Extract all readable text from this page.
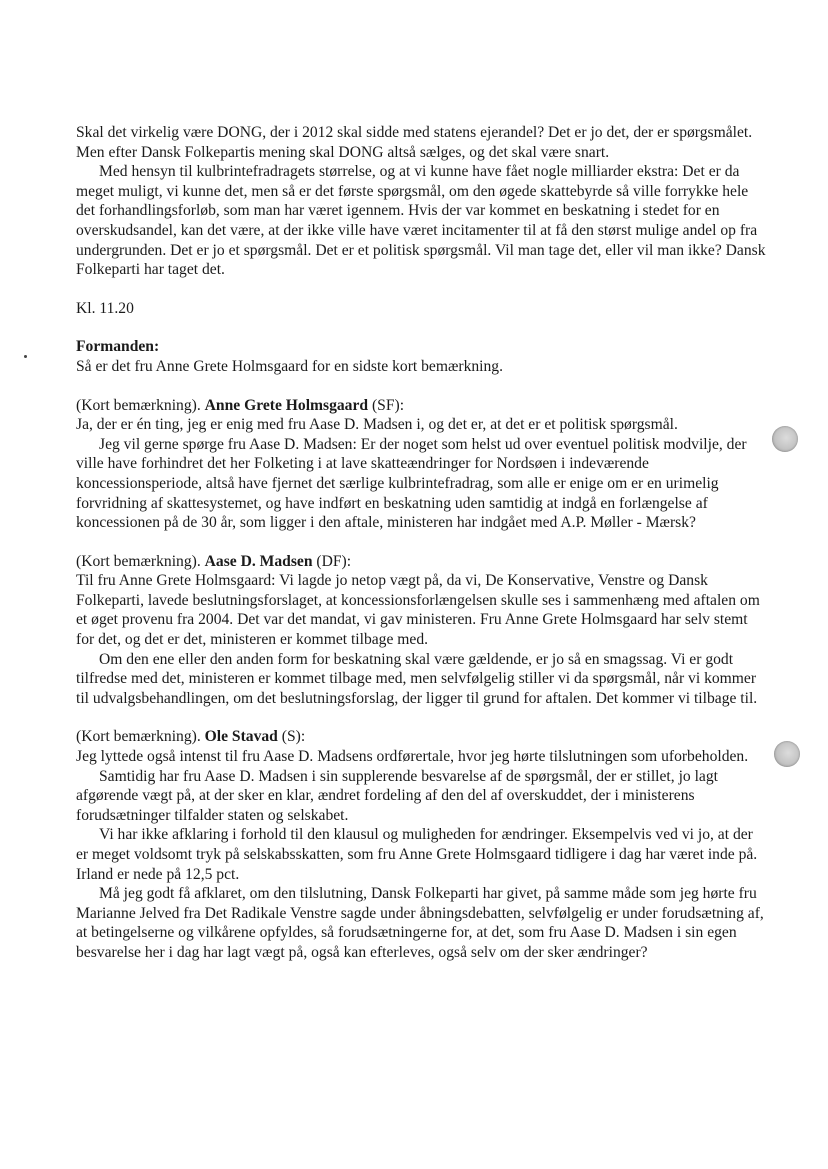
Skal det virkelig være DONG, der i 2012 skal sidde med statens ejerandel? Det er jo det, der er spørgsmålet. Men efter Dansk Folkepartis mening skal DONG altså sælges, og det skal være snart.

Med hensyn til kulbrintefradragets størrelse, og at vi kunne have fået nogle milliarder ekstra: Det er da meget muligt, vi kunne det, men så er det første spørgsmål, om den øgede skattebyrde så ville forrykke hele det forhandlingsforløb, som man har været igennem. Hvis der var kommet en beskatning i stedet for en overskudsandel, kan det være, at der ikke ville have været incitamenter til at få den størst mulige andel op fra undergrunden. Det er jo et spørgsmål. Det er et politisk spørgsmål. Vil man tage det, eller vil man ikke? Dansk Folkeparti har taget det.

Kl. 11.20

Formanden:

Så er det fru Anne Grete Holmsgaard for en sidste kort bemærkning.

(Kort bemærkning). Anne Grete Holmsgaard (SF):

Ja, der er én ting, jeg er enig med fru Aase D. Madsen i, og det er, at det er et politisk spørgsmål.

Jeg vil gerne spørge fru Aase D. Madsen: Er der noget som helst ud over eventuel politisk modvilje, der ville have forhindret det her Folketing i at lave skatteændringer for Nordsøen i indeværende koncessionsperiode, altså have fjernet det særlige kulbrintefradrag, som alle er enige om er en urimelig forvridning af skattesystemet, og have indført en beskatning uden samtidig at indgå en forlængelse af koncessionen på de 30 år, som ligger i den aftale, ministeren har indgået med A.P. Møller - Mærsk?

(Kort bemærkning). Aase D. Madsen (DF):

Til fru Anne Grete Holmsgaard: Vi lagde jo netop vægt på, da vi, De Konservative, Venstre og Dansk Folkeparti, lavede beslutningsforslaget, at koncessionsforlængelsen skulle ses i sammenhæng med aftalen om et øget provenu fra 2004. Det var det mandat, vi gav ministeren. Fru Anne Grete Holmsgaard har selv stemt for det, og det er det, ministeren er kommet tilbage med.

Om den ene eller den anden form for beskatning skal være gældende, er jo så en smagssag. Vi er godt tilfredse med det, ministeren er kommet tilbage med, men selvfølgelig stiller vi da spørgsmål, når vi kommer til udvalgsbehandlingen, om det beslutningsforslag, der ligger til grund for aftalen. Det kommer vi tilbage til.

(Kort bemærkning). Ole Stavad (S):

Jeg lyttede også intenst til fru Aase D. Madsens ordførertale, hvor jeg hørte tilslutningen som uforbeholden.

Samtidig har fru Aase D. Madsen i sin supplerende besvarelse af de spørgsmål, der er stillet, jo lagt afgørende vægt på, at der sker en klar, ændret fordeling af den del af overskuddet, der i ministerens forudsætninger tilfalder staten og selskabet.

Vi har ikke afklaring i forhold til den klausul og muligheden for ændringer. Eksempelvis ved vi jo, at der er meget voldsomt tryk på selskabsskatten, som fru Anne Grete Holmsgaard tidligere i dag har været inde på. Irland er nede på 12,5 pct.

Må jeg godt få afklaret, om den tilslutning, Dansk Folkeparti har givet, på samme måde som jeg hørte fru Marianne Jelved fra Det Radikale Venstre sagde under åbningsdebatten, selvfølgelig er under forudsætning af, at betingelserne og vilkårene opfyldes, så forudsætningerne for, at det, som fru Aase D. Madsen i sin egen besvarelse her i dag har lagt vægt på, også kan efterleves, også selv om der sker ændringer?
